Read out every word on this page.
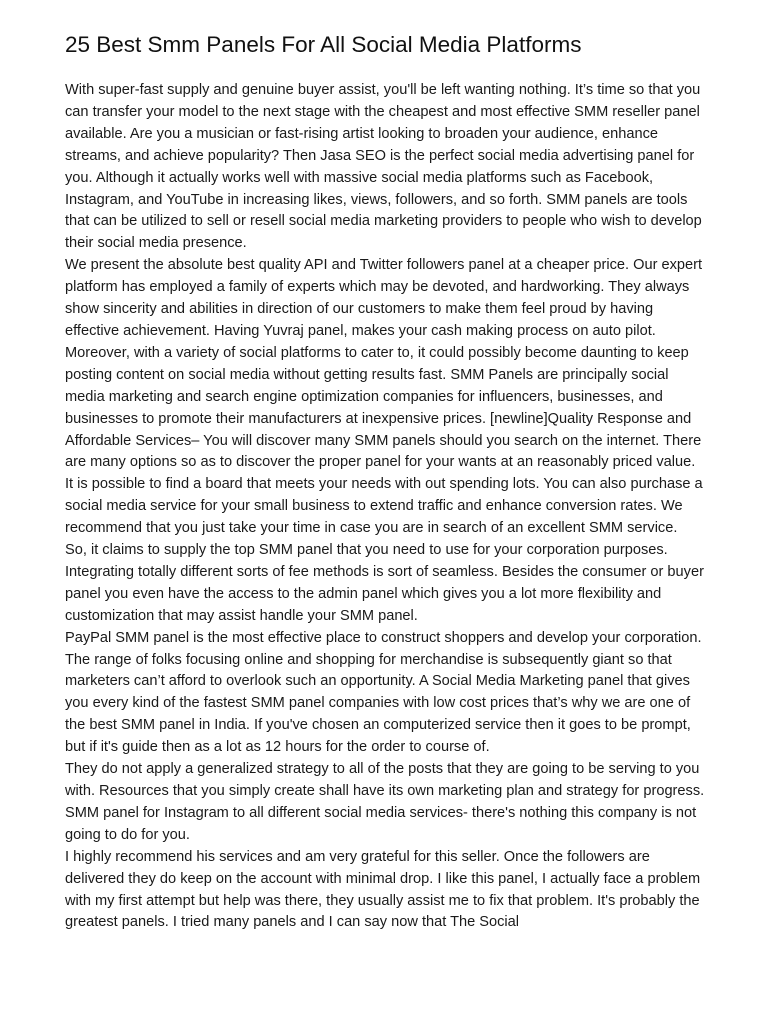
25 Best Smm Panels For All Social Media Platforms

With super-fast supply and genuine buyer assist, you'll be left wanting nothing. It’s time so that you can transfer your model to the next stage with the cheapest and most effective SMM reseller panel available. Are you a musician or fast-rising artist looking to broaden your audience, enhance streams, and achieve popularity? Then Jasa SEO is the perfect social media advertising panel for you. Although it actually works well with massive social media platforms such as Facebook, Instagram, and YouTube in increasing likes, views, followers, and so forth. SMM panels are tools that can be utilized to sell or resell social media marketing providers to people who wish to develop their social media presence.

We present the absolute best quality API and Twitter followers panel at a cheaper price. Our expert platform has employed a family of experts which may be devoted, and hardworking. They always show sincerity and abilities in direction of our customers to make them feel proud by having effective achievement. Having Yuvraj panel, makes your cash making process on auto pilot.

Moreover, with a variety of social platforms to cater to, it could possibly become daunting to keep posting content on social media without getting results fast. SMM Panels are principally social media marketing and search engine optimization companies for influencers, businesses, and businesses to promote their manufacturers at inexpensive prices. [newline]Quality Response and Affordable Services– You will discover many SMM panels should you search on the internet. There are many options so as to discover the proper panel for your wants at an reasonably priced value. It is possible to find a board that meets your needs with out spending lots. You can also purchase a social media service for your small business to extend traffic and enhance conversion rates. We recommend that you just take your time in case you are in search of an excellent SMM service.

So, it claims to supply the top SMM panel that you need to use for your corporation purposes. Integrating totally different sorts of fee methods is sort of seamless. Besides the consumer or buyer panel you even have the access to the admin panel which gives you a lot more flexibility and customization that may assist handle your SMM panel.

PayPal SMM panel is the most effective place to construct shoppers and develop your corporation. The range of folks focusing online and shopping for merchandise is subsequently giant so that marketers can’t afford to overlook such an opportunity. A Social Media Marketing panel that gives you every kind of the fastest SMM panel companies with low cost prices that’s why we are one of the best SMM panel in India. If you've chosen an computerized service then it goes to be prompt, but if it's guide then as a lot as 12 hours for the order to course of.

They do not apply a generalized strategy to all of the posts that they are going to be serving to you with. Resources that you simply create shall have its own marketing plan and strategy for progress. SMM panel for Instagram to all different social media services- there's nothing this company is not going to do for you.

I highly recommend his services and am very grateful for this seller. Once the followers are delivered they do keep on the account with minimal drop. I like this panel, I actually face a problem with my first attempt but help was there, they usually assist me to fix that problem. It's probably the greatest panels. I tried many panels and I can say now that The Social
